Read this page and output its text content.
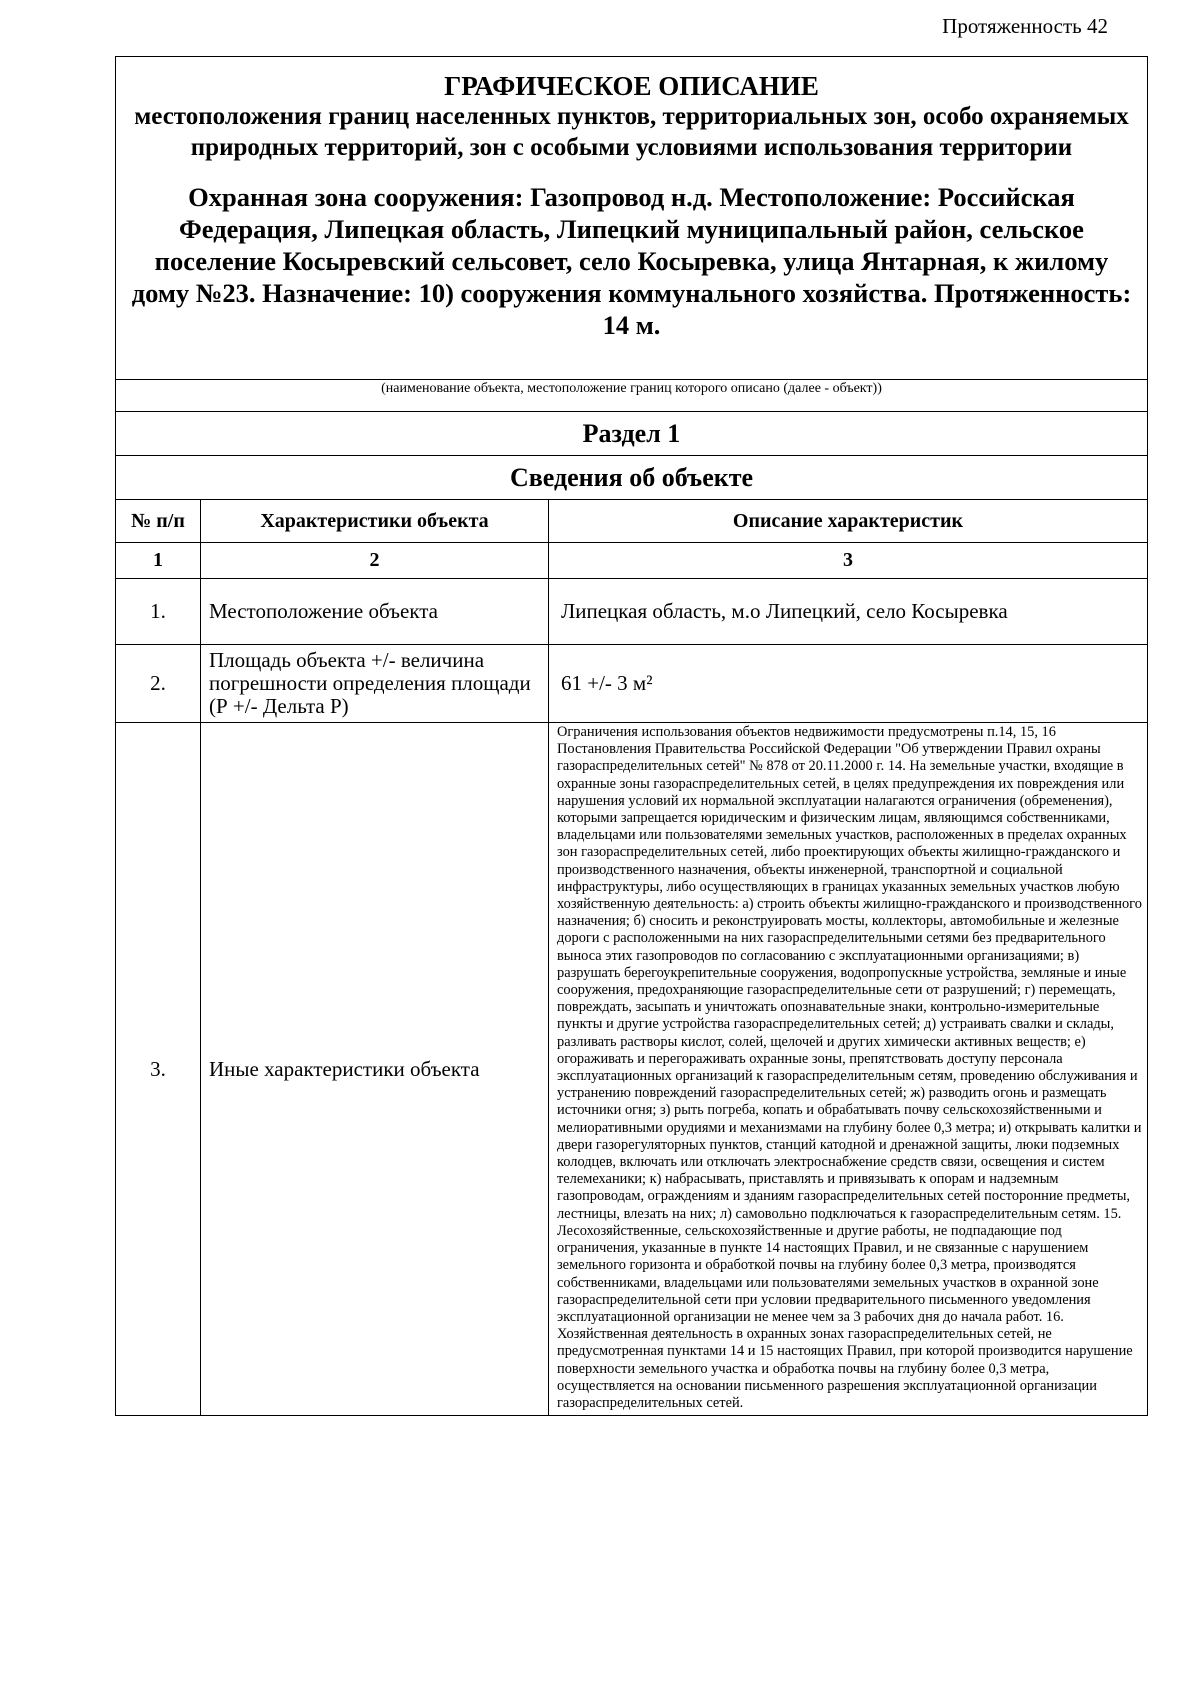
Протяженность 42
ГРАФИЧЕСКОЕ ОПИСАНИЕ
местоположения границ населенных пунктов, территориальных зон, особо охраняемых природных территорий, зон с особыми условиями использования территории
Охранная зона сооружения: Газопровод н.д. Местоположение: Российская Федерация, Липецкая область, Липецкий муниципальный район, сельское поселение Косыревский сельсовет, село Косыревка, улица Янтарная, к жилому дому №23. Назначение: 10) сооружения коммунального хозяйства. Протяженность: 14 м.		

(наименование объекта, местоположение границ которого описано (далее - объект))		
Раздел 1		
Сведения об объекте		
№ п/п	Характеристики объекта	Описание характеристик
1	2	3
1.	Местоположение объекта	Липецкая область, м.о Липецкий, село Косыревка
2.	Площадь объекта +/- величина погрешности определения площади (Р +/- Дельта Р)	61 +/- 3 м²
3.	Иные характеристики объекта	Ограничения использования объектов недвижимости предусмотрены п.14, 15, 16 Постановления Правительства Российской Федерации "Об утверждении Правил охраны газораспределительных сетей" № 878 от 20.11.2000 г. 14. На земельные участки, входящие в охранные зоны газораспределительных сетей, в целях предупреждения их повреждения или нарушения условий их нормальной эксплуатации налагаются ограничения (обременения), которыми запрещается юридическим и физическим лицам, являющимся собственниками, владельцами или пользователями земельных участков, расположенных в пределах охранных зон газораспределительных сетей, либо проектирующих объекты жилищно-гражданского и производственного назначения, объекты инженерной, транспортной и социальной инфраструктуры, либо осуществляющих в границах указанных земельных участков любую хозяйственную деятельность: а) строить объекты жилищно-гражданского и производственного назначения; б) сносить и реконструировать мосты, коллекторы, автомобильные и железные дороги с расположенными на них газораспределительными сетями без предварительного выноса этих газопроводов по согласованию с эксплуатационными организациями; в) разрушать берегоукрепительные сооружения, водопропускные устройства, земляные и иные сооружения, предохраняющие газораспределительные сети от разрушений; г) перемещать, повреждать, засыпать и уничтожать опознавательные знаки, контрольно-измерительные пункты и другие устройства газораспределительных сетей; д) устраивать свалки и склады, разливать растворы кислот, солей, щелочей и других химически активных веществ; е) огораживать и перегораживать охранные зоны, препятствовать доступу персонала эксплуатационных организаций к газораспределительным сетям, проведению обслуживания и устранению повреждений газораспределительных сетей; ж) разводить огонь и размещать источники огня; з) рыть погреба, копать и обрабатывать почву сельскохозяйственными и мелиоративными орудиями и механизмами на глубину более 0,3 метра; и) открывать калитки и двери газорегуляторных пунктов, станций катодной и дренажной защиты, люки подземных колодцев, включать или отключать электроснабжение средств связи, освещения и систем телемеханики; к) набрасывать, приставлять и привязывать к опорам и надземным газопроводам, ограждениям и зданиям газораспределительных сетей посторонние предметы, лестницы, влезать на них; л) самовольно подключаться к газораспределительным сетям. 15. Лесохозяйственные, сельскохозяйственные и другие работы, не подпадающие под ограничения, указанные в пункте 14 настоящих Правил, и не связанные с нарушением земельного горизонта и обработкой почвы на глубину более 0,3 метра, производятся собственниками, владельцами или пользователями земельных участков в охранной зоне газораспределительной сети при условии предварительного письменного уведомления эксплуатационной организации не менее чем за 3 рабочих дня до начала работ. 16. Хозяйственная деятельность в охранных зонах газораспределительных сетей, не предусмотренная пунктами 14 и 15 настоящих Правил, при которой производится нарушение поверхности земельного участка и обработка почвы на глубину более 0,3 метра, осуществляется на основании письменного разрешения эксплуатационной организации газораспределительных сетей.
